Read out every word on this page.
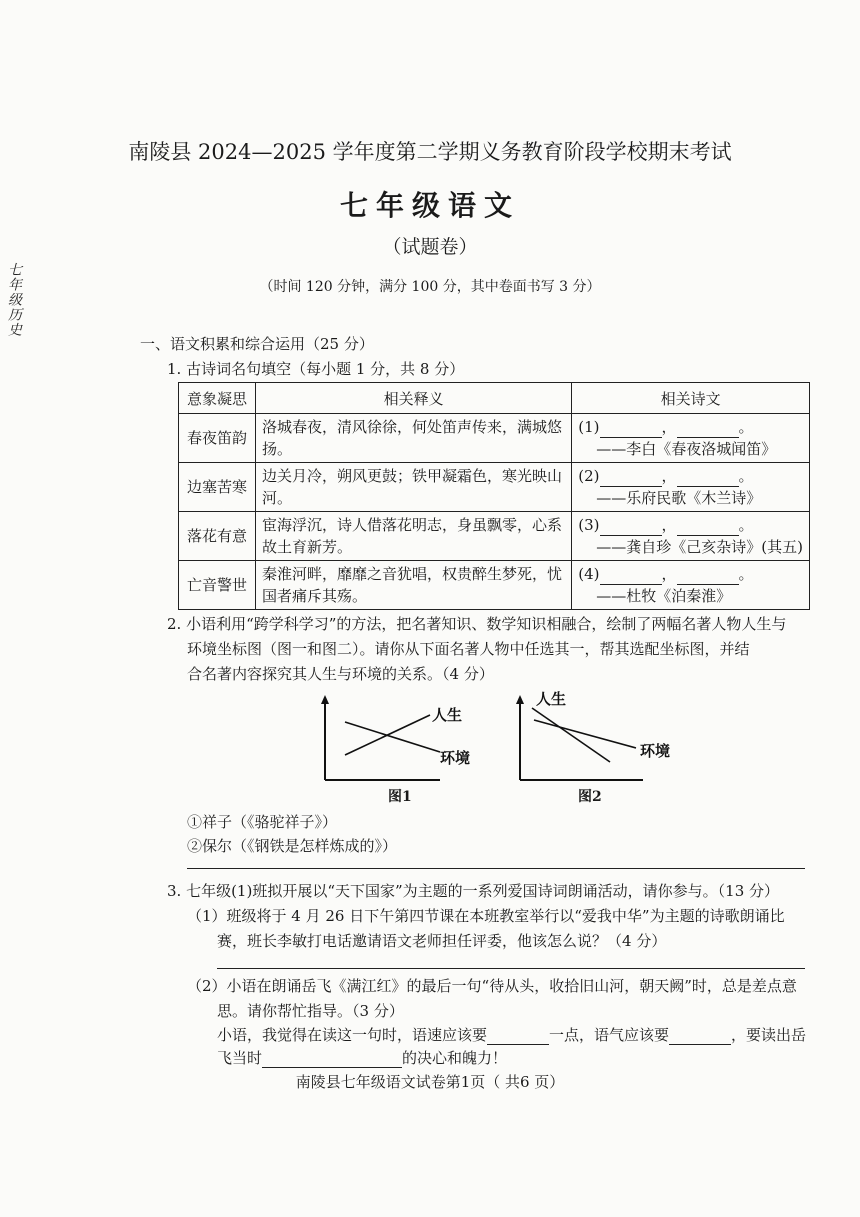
七年级历史
南陵县 2024—2025 学年度第二学期义务教育阶段学校期末考试
七年级语文
（试题卷）
（时间 120 分钟，满分 100 分，其中卷面书写 3 分）
一、语文积累和综合运用（25 分）
1. 古诗词名句填空（每小题 1 分，共 8 分）
意象凝思	相关释义	相关诗文
春夜笛韵	洛城春夜，清风徐徐，何处笛声传来，满城悠扬。	(1) ， 。
——李白《春夜洛城闻笛》

边塞苦寒	边关月冷，朔风更鼓；铁甲凝霜色，寒光映山河。	(2) ， 。
——乐府民歌《木兰诗》

落花有意	宦海浮沉，诗人借落花明志，身虽飘零，心系故土育新芳。	(3) ， 。
——龚自珍《己亥杂诗》(其五)

亡音警世	秦淮河畔，靡靡之音犹唱，权贵醉生梦死，忧国者痛斥其殇。	(4) ， 。
——杜牧《泊秦淮》
2. 小语利用“跨学科学习”的方法，把名著知识、数学知识相融合，绘制了两幅名著人物人生与
环境坐标图（图一和图二）。请你从下面名著人物中任选其一，帮其选配坐标图，并结
合名著内容探究其人生与环境的关系。（4 分）
人生
环境
图1
人生
环境
图2
①祥子（《骆驼祥子》）
②保尔（《钢铁是怎样炼成的》）
3. 七年级(1)班拟开展以“天下国家”为主题的一系列爱国诗词朗诵活动，请你参与。（13 分）
（1）班级将于 4 月 26 日下午第四节课在本班教室举行以“爱我中华”为主题的诗歌朗诵比
赛，班长李敏打电话邀请语文老师担任评委，他该怎么说？（4 分）
（2）小语在朗诵岳飞《满江红》的最后一句“待从头，收拾旧山河，朝天阙”时，总是差点意
思。请你帮忙指导。（3 分）
小语，我觉得在读这一句时，语速应该要	一点，语气应该要	，要读出岳
飞当时	的决心和魄力！
南陵县七年级语文试卷第1页（ 共6 页）
